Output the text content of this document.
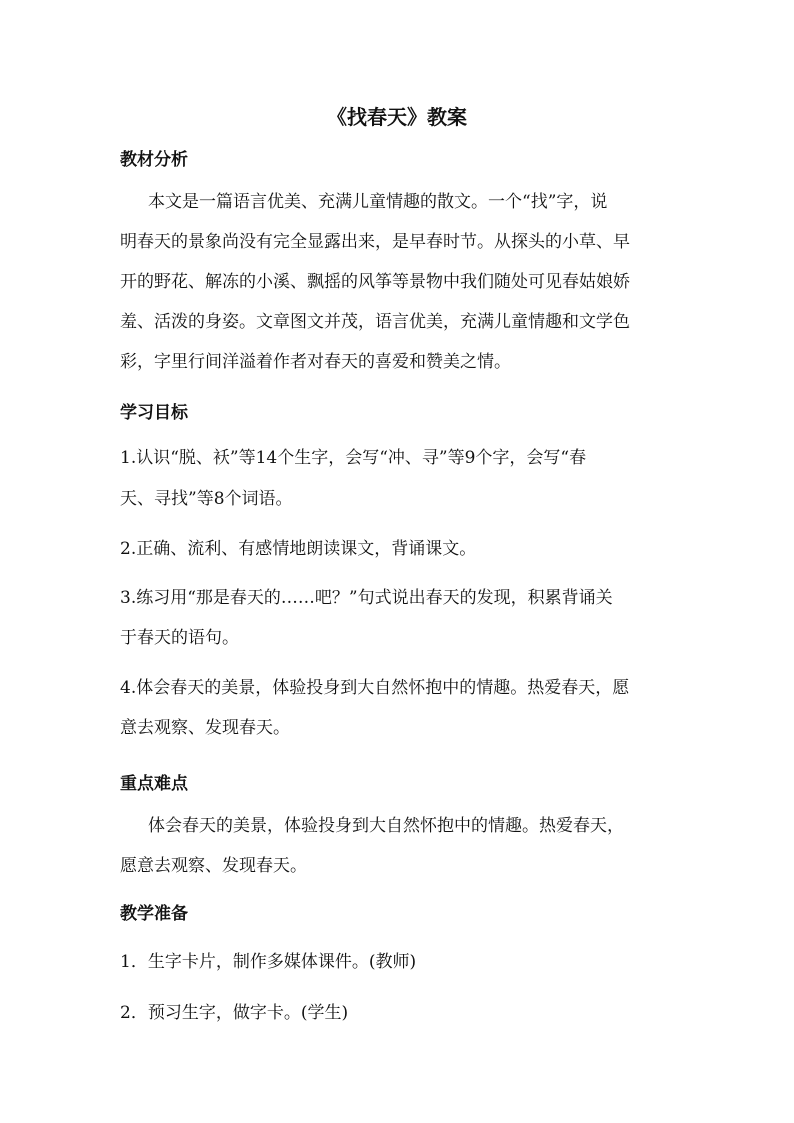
《找春天》教案
教材分析
本文是一篇语言优美、充满儿童情趣的散文。一个“找”字，说
明春天的景象尚没有完全显露出来，是早春时节。从探头的小草、早
开的野花、解冻的小溪、飘摇的风筝等景物中我们随处可见春姑娘娇
羞、活泼的身姿。文章图文并茂，语言优美，充满儿童情趣和文学色
彩，字里行间洋溢着作者对春天的喜爱和赞美之情。
学习目标
1.认识“脱、袄”等14个生字，会写“冲、寻”等9个字，会写“春
天、寻找”等8个词语。
2.正确、流利、有感情地朗读课文，背诵课文。
3.练习用“那是春天的……吧？”句式说出春天的发现，积累背诵关
于春天的语句。
4.体会春天的美景，体验投身到大自然怀抱中的情趣。热爱春天，愿
意去观察、发现春天。
重点难点
体会春天的美景，体验投身到大自然怀抱中的情趣。热爱春天，
愿意去观察、发现春天。
教学准备
1．生字卡片，制作多媒体课件。(教师)
2．预习生字，做字卡。(学生)
